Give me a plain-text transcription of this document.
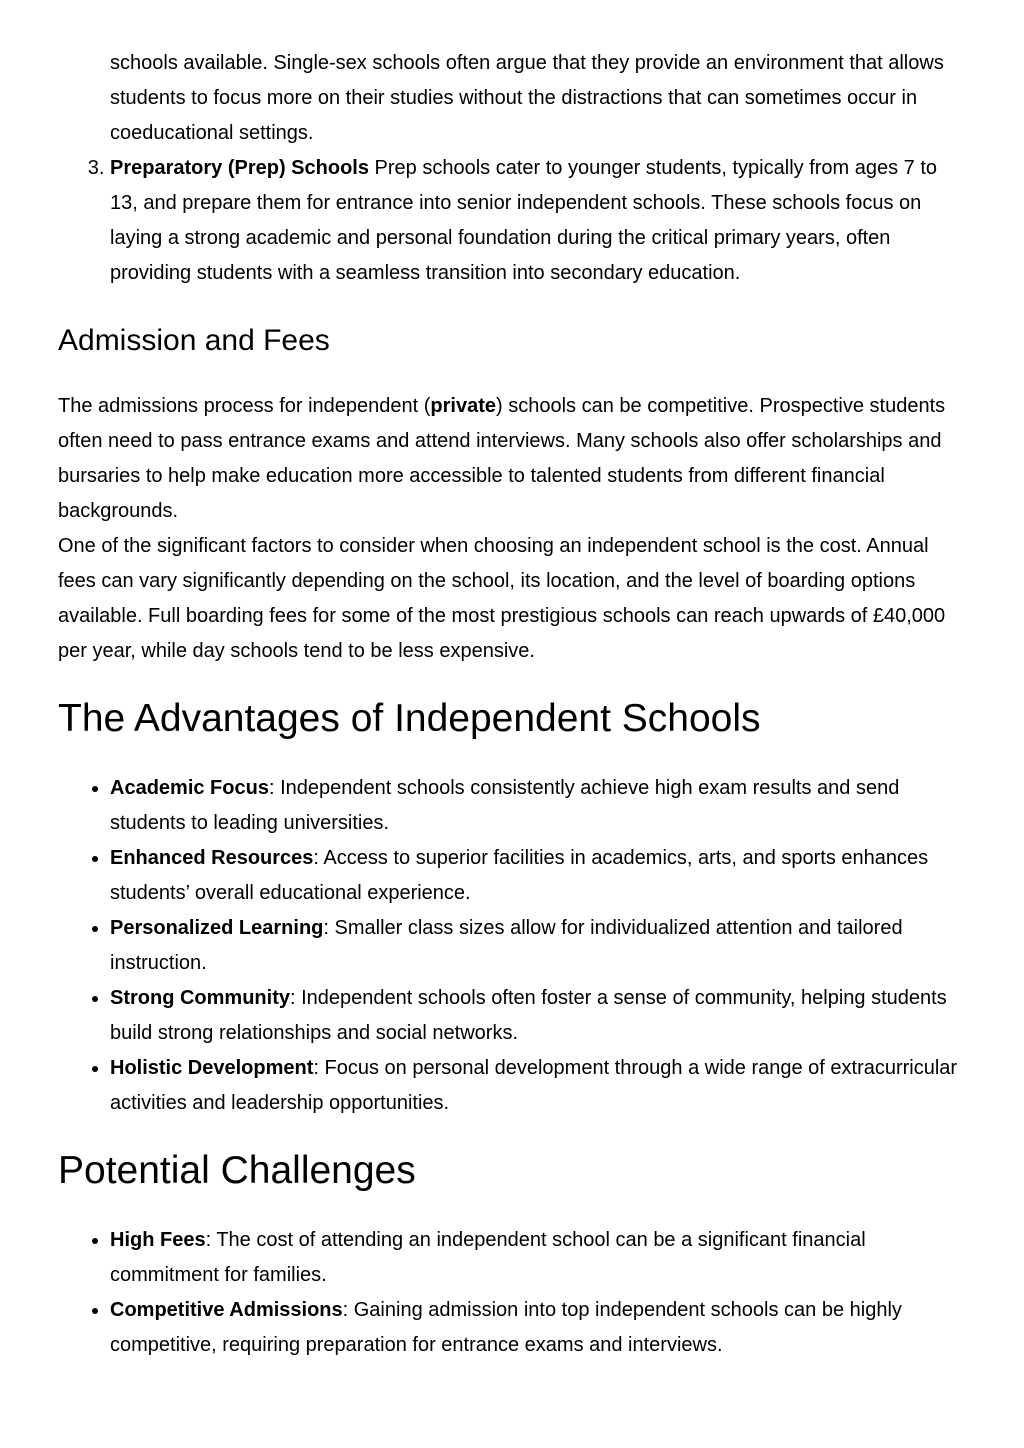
schools available. Single-sex schools often argue that they provide an environment that allows students to focus more on their studies without the distractions that can sometimes occur in coeducational settings.
3. Preparatory (Prep) Schools Prep schools cater to younger students, typically from ages 7 to 13, and prepare them for entrance into senior independent schools. These schools focus on laying a strong academic and personal foundation during the critical primary years, often providing students with a seamless transition into secondary education.
Admission and Fees

The admissions process for independent (private) schools can be competitive. Prospective students often need to pass entrance exams and attend interviews. Many schools also offer scholarships and bursaries to help make education more accessible to talented students from different financial backgrounds.

One of the significant factors to consider when choosing an independent school is the cost. Annual fees can vary significantly depending on the school, its location, and the level of boarding options available. Full boarding fees for some of the most prestigious schools can reach upwards of £40,000 per year, while day schools tend to be less expensive.

The Advantages of Independent Schools
• Academic Focus: Independent schools consistently achieve high exam results and send students to leading universities.
• Enhanced Resources: Access to superior facilities in academics, arts, and sports enhances students’ overall educational experience.
• Personalized Learning: Smaller class sizes allow for individualized attention and tailored instruction.
• Strong Community: Independent schools often foster a sense of community, helping students build strong relationships and social networks.
• Holistic Development: Focus on personal development through a wide range of extracurricular activities and leadership opportunities.
Potential Challenges
• High Fees: The cost of attending an independent school can be a significant financial commitment for families.
• Competitive Admissions: Gaining admission into top independent schools can be highly competitive, requiring preparation for entrance exams and interviews.
